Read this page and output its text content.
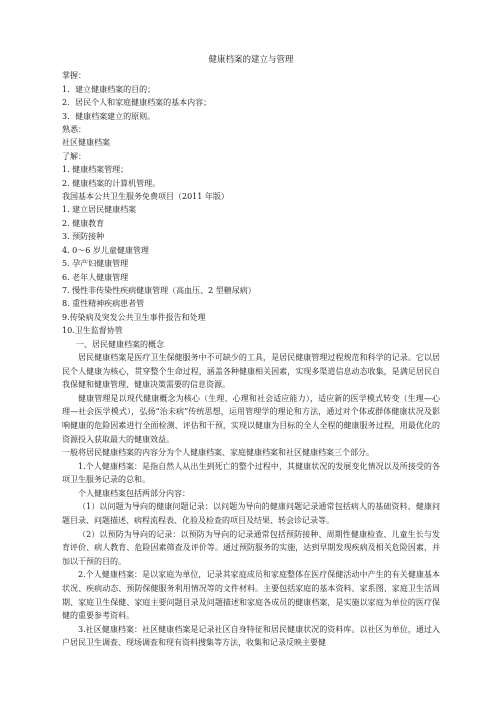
健康档案的建立与管理
掌握：
1．建立健康档案的目的；
2．居民个人和家庭健康档案的基本内容；
3．健康档案建立的原则。
熟悉：
社区健康档案
了解：
1. 健康档案管理；
2. 健康档案的计算机管理。
我国基本公共卫生服务免费项目（2011 年版）
1. 建立居民健康档案
2. 健康教育
3. 预防接种
4. 0～6 岁儿童健康管理
5. 孕产妇健康管理
6. 老年人健康管理
7. 慢性非传染性疾病健康管理（高血压、2 型糖尿病）
8. 重性精神疾病患者管
9.传染病及突发公共卫生事件报告和处理
10.卫生监督协管
一、居民健康档案的概念

居民健康档案是医疗卫生保健服务中不可缺少的工具，是居民健康管理过程规范和科学的记录。它以居民个人健康为核心，贯穿整个生命过程，涵盖各种健康相关因素，实现多渠道信息动态收集，是满足居民自我保健和健康管理、健康决策需要的信息资源。

健康管理是以现代健康概念为核心（生理、心理和社会适应能力），适应新的医学模式转变（生理—心理—社会医学模式），弘扬“治未病”传统思想，运用管理学的理论和方法，通过对个体或群体健康状况及影响健康的危险因素进行全面检测、评估和干预，实现以健康为目标的全人全程的健康服务过程，用最优化的资源投入获取最大的健康效益。

一般将居民健康档案的内容分为个人健康档案、家庭健康档案和社区健康档案三个部分。

1.个人健康档案：是指自然人从出生到死亡的整个过程中，其健康状况的发展变化情况以及所接受的各项卫生服务记录的总和。

个人健康档案包括两部分内容：

（1）以问题为导向的健康问题记录：以问题为导向的健康问题记录通常包括病人的基础资料、健康问题目录、问题描述、病程流程表、化验及检查的项目及结果、转会诊记录等。

（2）以预防为导向的记录：以预防为导向的记录通常包括预防接种、周期性健康检查、儿童生长与发育评价、病人教育、危险因素筛查及评价等。通过预防服务的实施，达到早期发现疾病及相关危险因素，并加以干预的目的。

2.个人健康档案：是以家庭为单位，记录其家庭成员和家庭整体在医疗保健活动中产生的有关健康基本状况、疾病动态、预防保健服务利用情况等的文件材料。主要包括家庭的基本资料、家系图、家庭卫生活周期、家庭卫生保健、家庭主要问题目录及问题描述和家庭各成员的健康档案，是实施以家庭为单位的医疗保健的重要参考资料。

3.社区健康档案：社区健康档案是记录社区自身特征和居民健康状况的资料库。以社区为单位，通过入户居民卫生调查、现场调查和现有资料搜集等方法，收集和记录反映主要健
